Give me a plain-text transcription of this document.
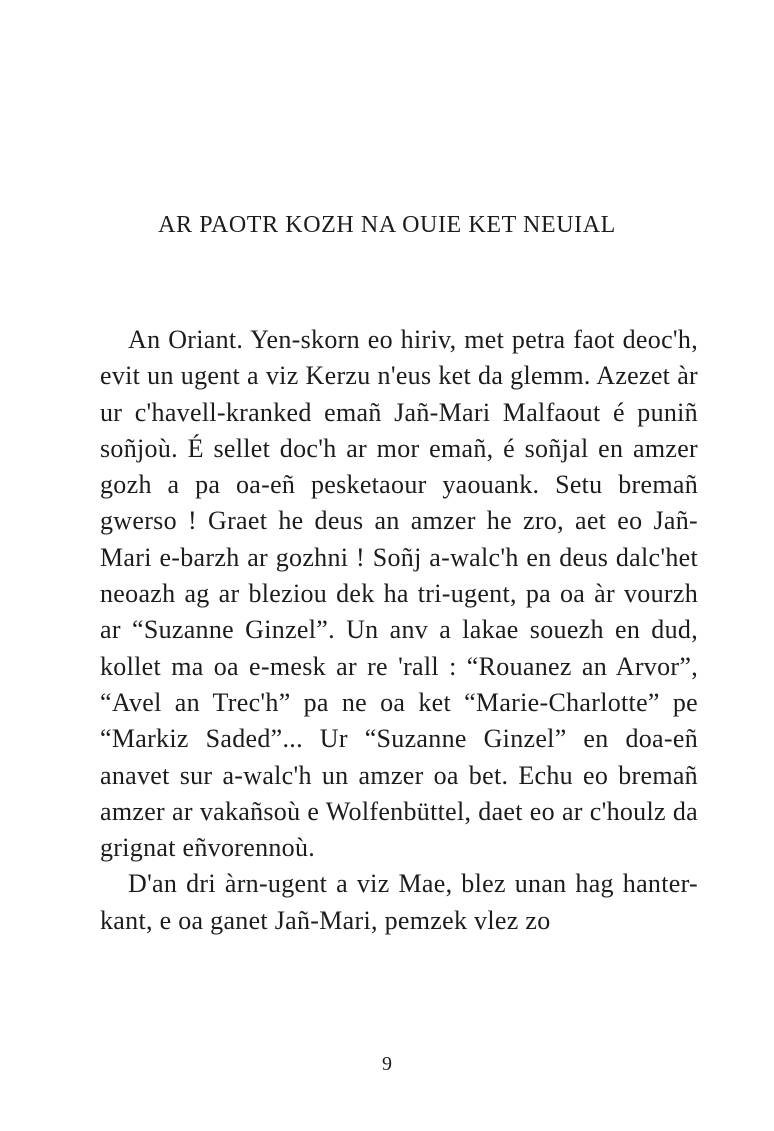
AR PAOTR KOZH NA OUIE KET NEUIAL

An Oriant. Yen-skorn eo hiriv, met petra faot deoc'h, evit un ugent a viz Kerzu n'eus ket da glemm. Azezet àr ur c'havell-kranked emañ Jañ-Mari Malfaout é puniñ soñjoù. É sellet doc'h ar mor emañ, é soñjal en amzer gozh a pa oa-eñ pesketaour yaouank. Setu bremañ gwerso ! Graet he deus an amzer he zro, aet eo Jañ-Mari e-barzh ar gozhni ! Soñj a-walc'h en deus dalc'het neoazh ag ar bleziou dek ha tri-ugent, pa oa àr vourzh ar “Suzanne Ginzel”. Un anv a lakae souezh en dud, kollet ma oa e-mesk ar re 'rall : “Rouanez an Arvor”, “Avel an Trec'h” pa ne oa ket “Marie-Charlotte” pe “Markiz Saded”... Ur “Suzanne Ginzel” en doa-eñ anavet sur a-walc'h un amzer oa bet. Echu eo bremañ amzer ar vakañsoù e Wolfenbüttel, daet eo ar c'houlz da grignat eñvorennoù.

D'an dri àrn-ugent a viz Mae, blez unan hag hanter-kant, e oa ganet Jañ-Mari, pemzek vlez zo

9
